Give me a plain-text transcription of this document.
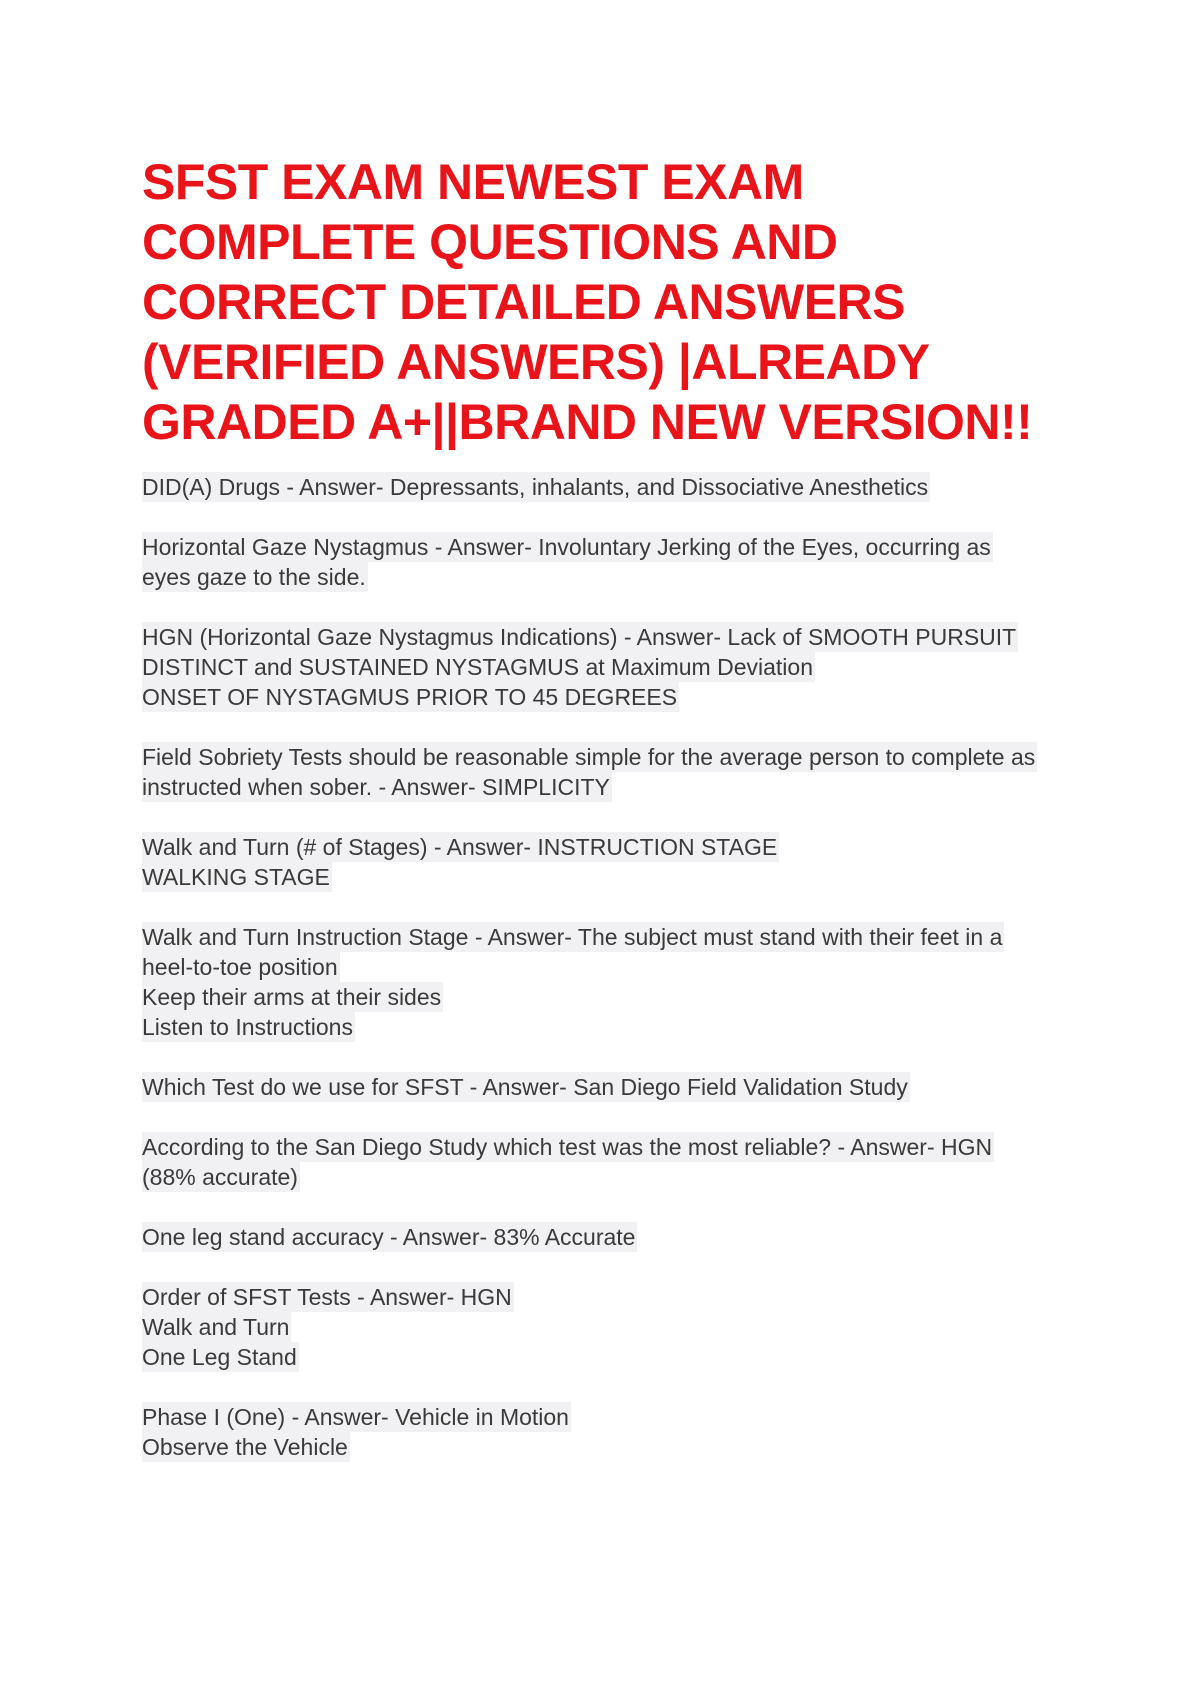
SFST EXAM NEWEST EXAM
COMPLETE QUESTIONS AND
CORRECT DETAILED ANSWERS
(VERIFIED ANSWERS) |ALREADY
GRADED A+||BRAND NEW VERSION!!
DID(A) Drugs - Answer- Depressants, inhalants, and Dissociative Anesthetics
Horizontal Gaze Nystagmus - Answer- Involuntary Jerking of the Eyes, occurring as
eyes gaze to the side.
HGN (Horizontal Gaze Nystagmus Indications) - Answer- Lack of SMOOTH PURSUIT
DISTINCT and SUSTAINED NYSTAGMUS at Maximum Deviation
ONSET OF NYSTAGMUS PRIOR TO 45 DEGREES
Field Sobriety Tests should be reasonable simple for the average person to complete as
instructed when sober. - Answer- SIMPLICITY
Walk and Turn (# of Stages) - Answer- INSTRUCTION STAGE
WALKING STAGE
Walk and Turn Instruction Stage - Answer- The subject must stand with their feet in a
heel-to-toe position
Keep their arms at their sides
Listen to Instructions
Which Test do we use for SFST - Answer- San Diego Field Validation Study
According to the San Diego Study which test was the most reliable? - Answer- HGN
(88% accurate)
One leg stand accuracy - Answer- 83% Accurate
Order of SFST Tests - Answer- HGN
Walk and Turn
One Leg Stand
Phase I (One) - Answer- Vehicle in Motion
Observe the Vehicle
